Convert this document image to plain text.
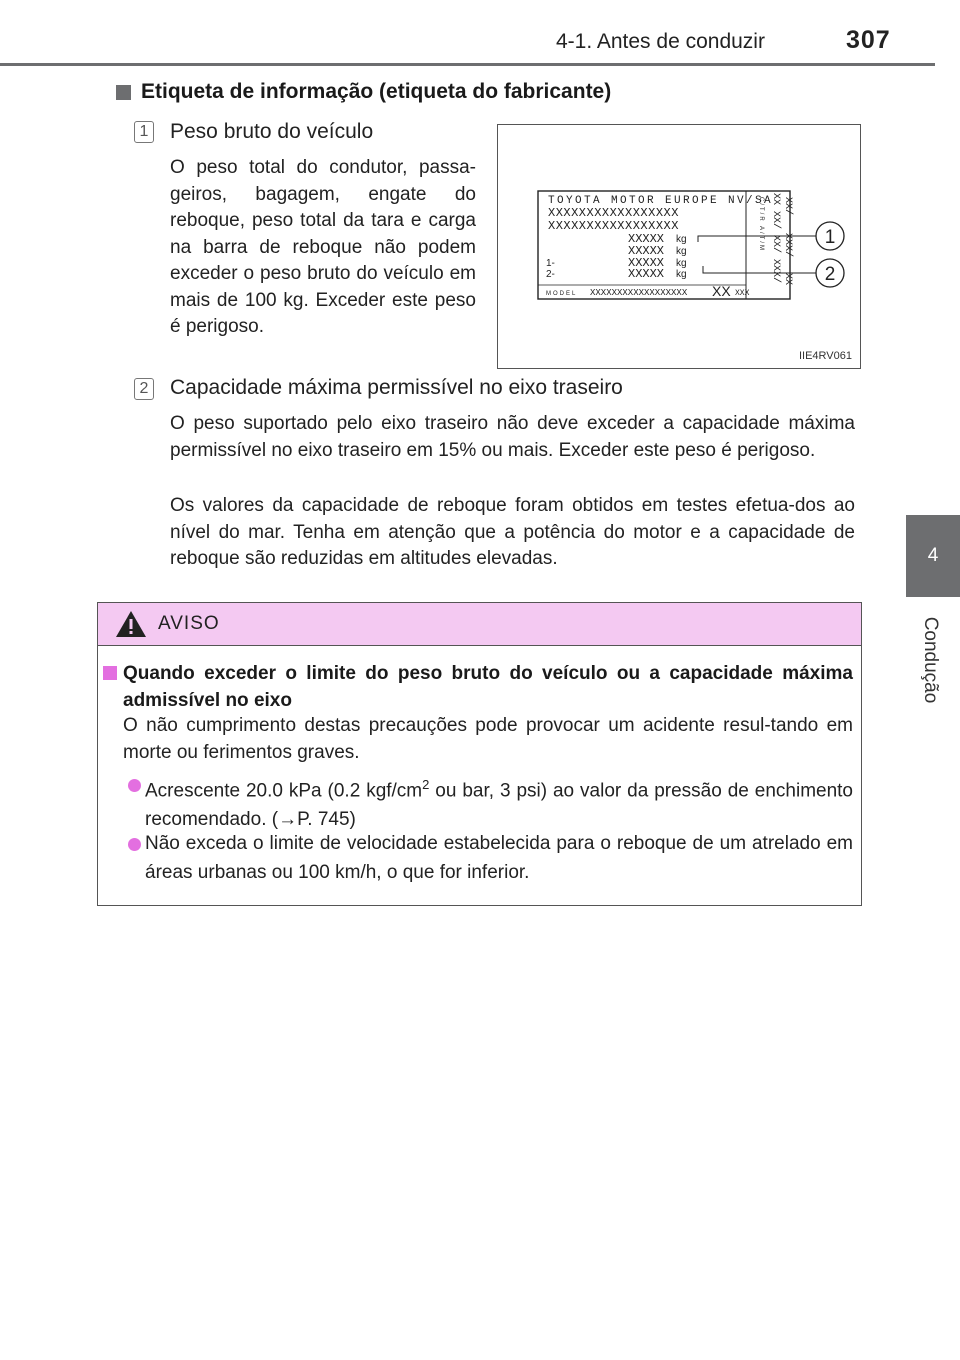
4-1. Antes de conduzir	307
4
Condução
Etiqueta de informação (etiqueta do fabricante)
1 Peso bruto do veículo
O peso total do condutor, passa-geiros, bagagem, engate do reboque, peso total da tara e carga na barra de reboque não podem exceder o peso bruto do veículo em mais de 100 kg. Exceder este peso é perigoso.
TOYOTA MOTOR EUROPE NV/SA
XXXXXXXXXXXXXXXXX
XXXXXXXXXXXXXXXXX
XXXXX kg
XXXXX kg
1-	XXXXX kg
2-	XXXXX kg
MODEL XXXXXXXXXXXXXXXXXX XX XXX
C/T/R A/T/M XX
XX/
XX/
XXX/
XX/
XXX/
XX
1
2
IIE4RV061
2 Capacidade máxima permissível no eixo traseiro
O peso suportado pelo eixo traseiro não deve exceder a capacidade máxima permissível no eixo traseiro em 15% ou mais. Exceder este peso é perigoso.
Os valores da capacidade de reboque foram obtidos em testes efetua-dos ao nível do mar. Tenha em atenção que a potência do motor e a capacidade de reboque são reduzidas em altitudes elevadas.
AVISO
Quando exceder o limite do peso bruto do veículo ou a capacidade máxima admissível no eixo
O não cumprimento destas precauções pode provocar um acidente resul-tando em morte ou ferimentos graves.
Acrescente 20.0 kPa (0.2 kgf/$cm^2$ ou bar, 3 psi) ao valor da pressão de enchimento recomendado. (→P. 745)
Não exceda o limite de velocidade estabelecida para o reboque de um atrelado em áreas urbanas ou 100 km/h, o que for inferior.
